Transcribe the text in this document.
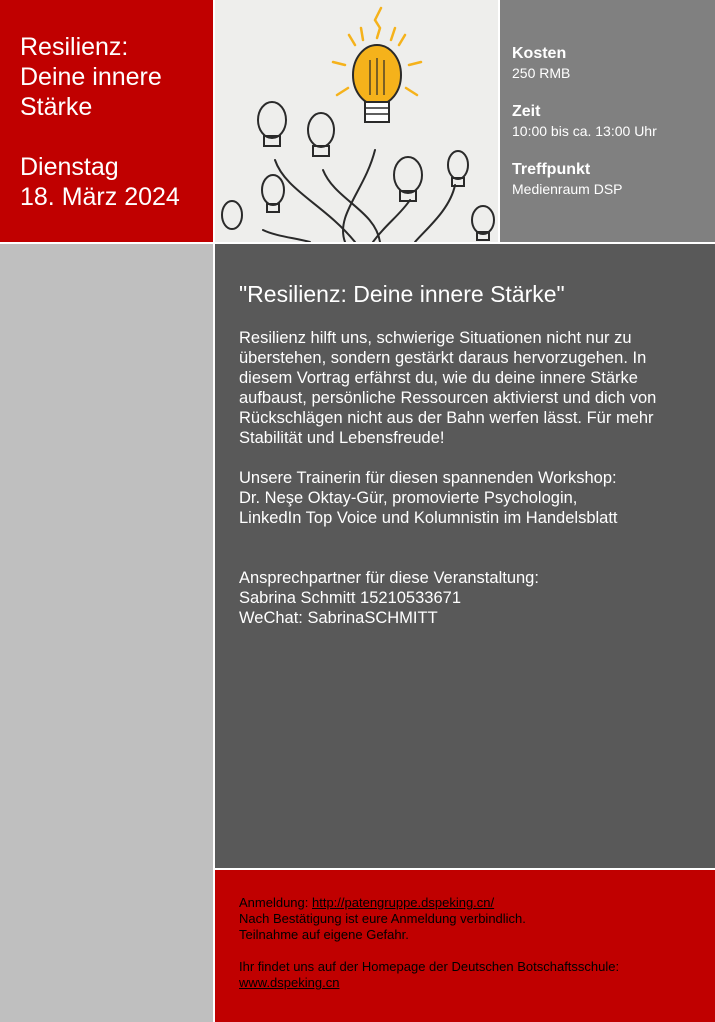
Resilienz:
Deine innere
Stärke
Dienstag
18. März 2024
Kosten
250 RMB
Zeit
10:00 bis ca. 13:00 Uhr
Treffpunkt
Medienraum DSP
"Resilienz: Deine innere Stärke"

Resilienz hilft uns, schwierige Situationen nicht nur zu überstehen, sondern gestärkt daraus hervorzugehen. In diesem Vortrag erfährst du, wie du deine innere Stärke aufbaust, persönliche Ressourcen aktivierst und dich von Rückschlägen nicht aus der Bahn werfen lässt. Für mehr Stabilität und Lebensfreude!

Unsere Trainerin für diesen spannenden Workshop:

Dr. Neşe Oktay-Gür, promovierte Psychologin,

LinkedIn Top Voice und Kolumnistin im Handelsblatt

Ansprechpartner für diese Veranstaltung:

Sabrina Schmitt 15210533671

WeChat: SabrinaSCHMITT

Anmeldung: http://patengruppe.dspeking.cn/
Nach Bestätigung ist eure Anmeldung verbindlich.
Teilnahme auf eigene Gefahr.
Ihr findet uns auf der Homepage der Deutschen Botschaftsschule:
www.dspeking.cn
